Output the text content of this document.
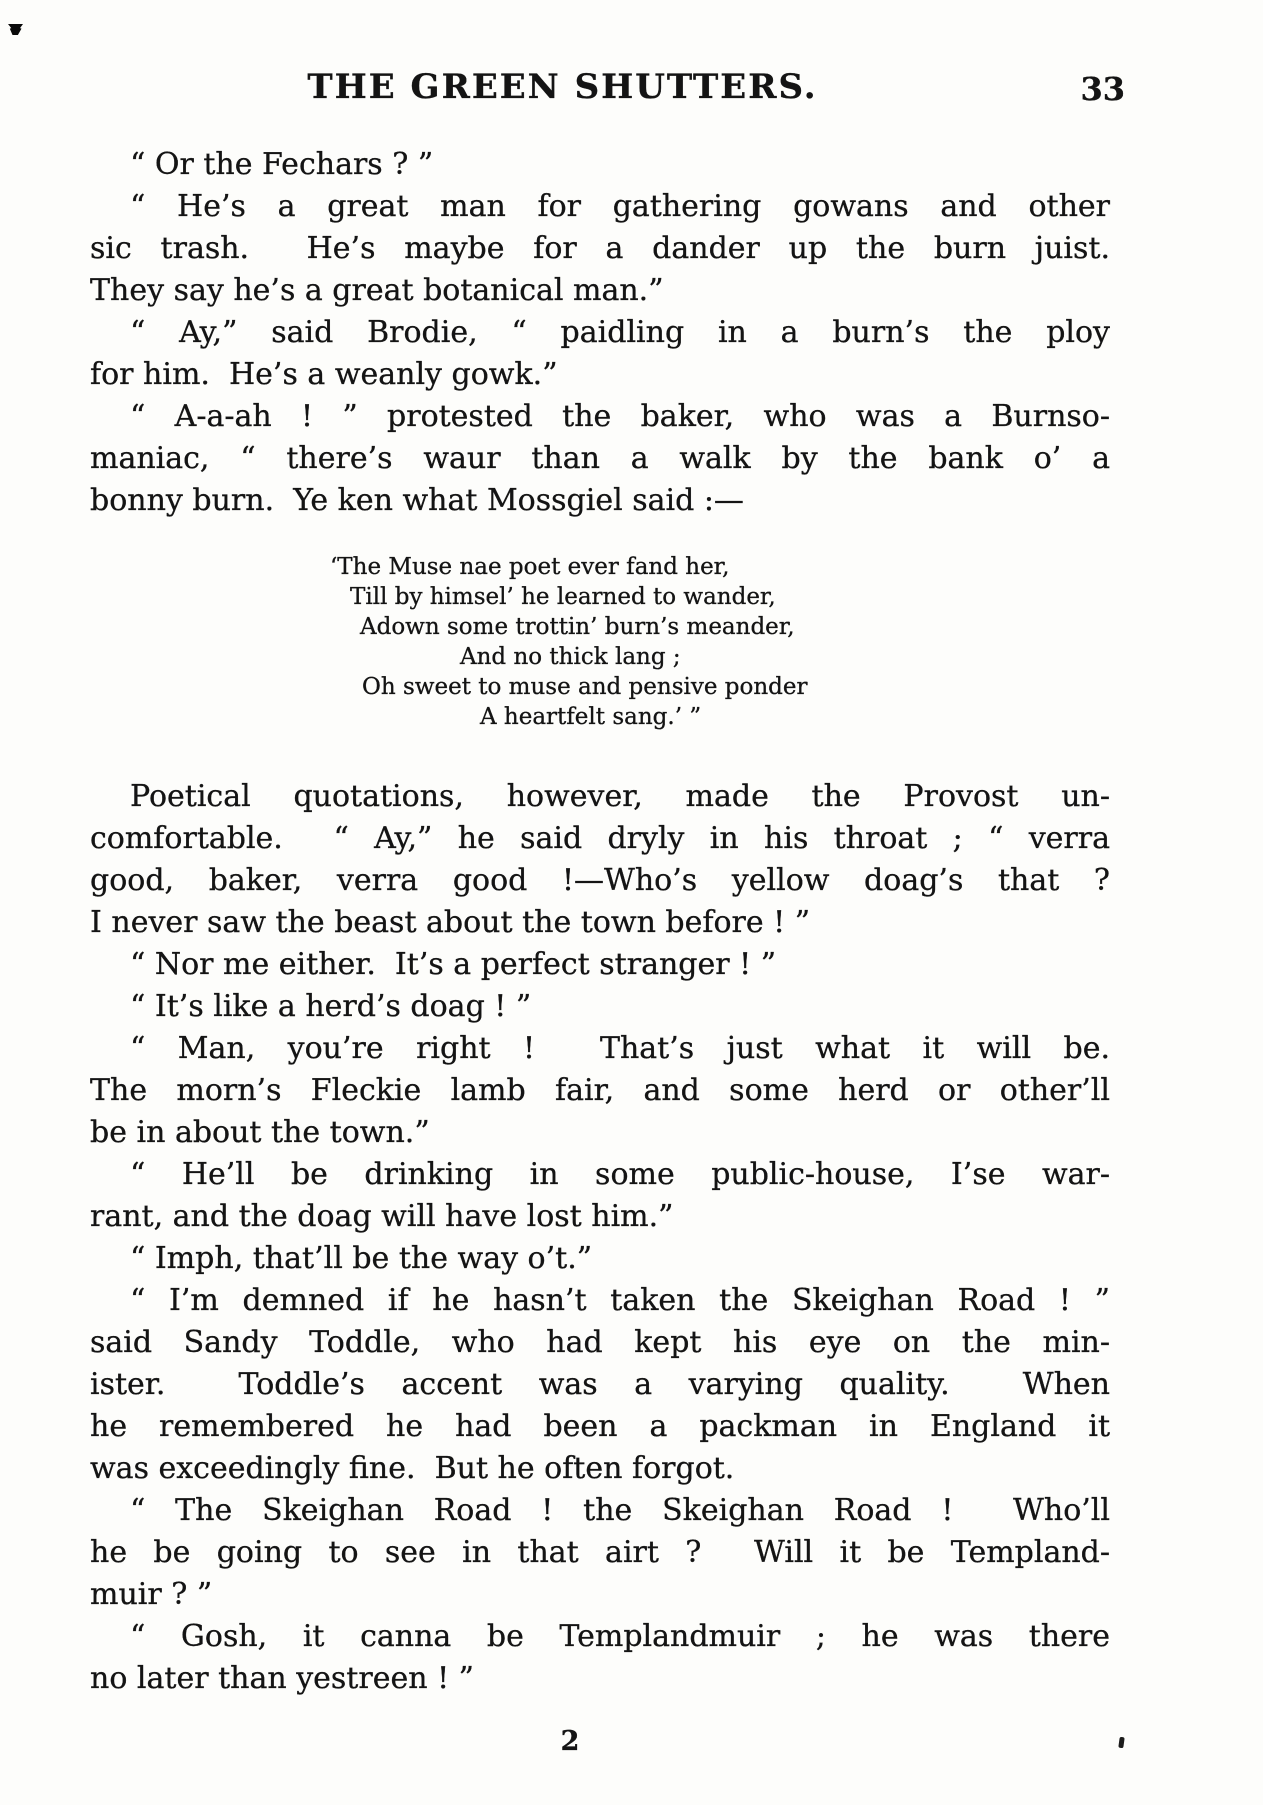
THE GREEN SHUTTERS.	33
“ Or the Fechars ? ”
“ He’s a great man for gathering gowans and other
sic trash.  He’s maybe for a dander up the burn juist.
They say he’s a great botanical man.”
“ Ay,” said Brodie, “ paidling in a burn’s the ploy
for him.  He’s a weanly gowk.”
“ A-a-ah ! ” protested the baker, who was a Burnso-
maniac, “ there’s waur than a walk by the bank o’ a
bonny burn.  Ye ken what Mossgiel said :—
‘The Muse nae poet ever fand her,
Till by himsel’ he learned to wander,
Adown some trottin’ burn’s meander,
And no thick lang ;
Oh sweet to muse and pensive ponder
A heartfelt sang.’ ”
Poetical quotations, however, made the Provost un-
comfortable.  “ Ay,” he said dryly in his throat ; “ verra
good, baker, verra good !—Who’s yellow doag’s that ?
I never saw the beast about the town before ! ”
“ Nor me either.  It’s a perfect stranger ! ”
“ It’s like a herd’s doag ! ”
“ Man, you’re right !  That’s just what it will be.
The morn’s Fleckie lamb fair, and some herd or other’ll
be in about the town.”
“ He’ll be drinking in some public-house, I’se war-
rant, and the doag will have lost him.”
“ Imph, that’ll be the way o’t.”
“ I’m demned if he hasn’t taken the Skeighan Road ! ”
said Sandy Toddle, who had kept his eye on the min-
ister.  Toddle’s accent was a varying quality.  When
he remembered he had been a packman in England it
was exceedingly fine.  But he often forgot.
“ The Skeighan Road ! the Skeighan Road !  Who’ll
he be going to see in that airt ?  Will it be Templand-
muir ? ”
“ Gosh, it canna be Templandmuir ; he was there
no later than yestreen ! ”
2
